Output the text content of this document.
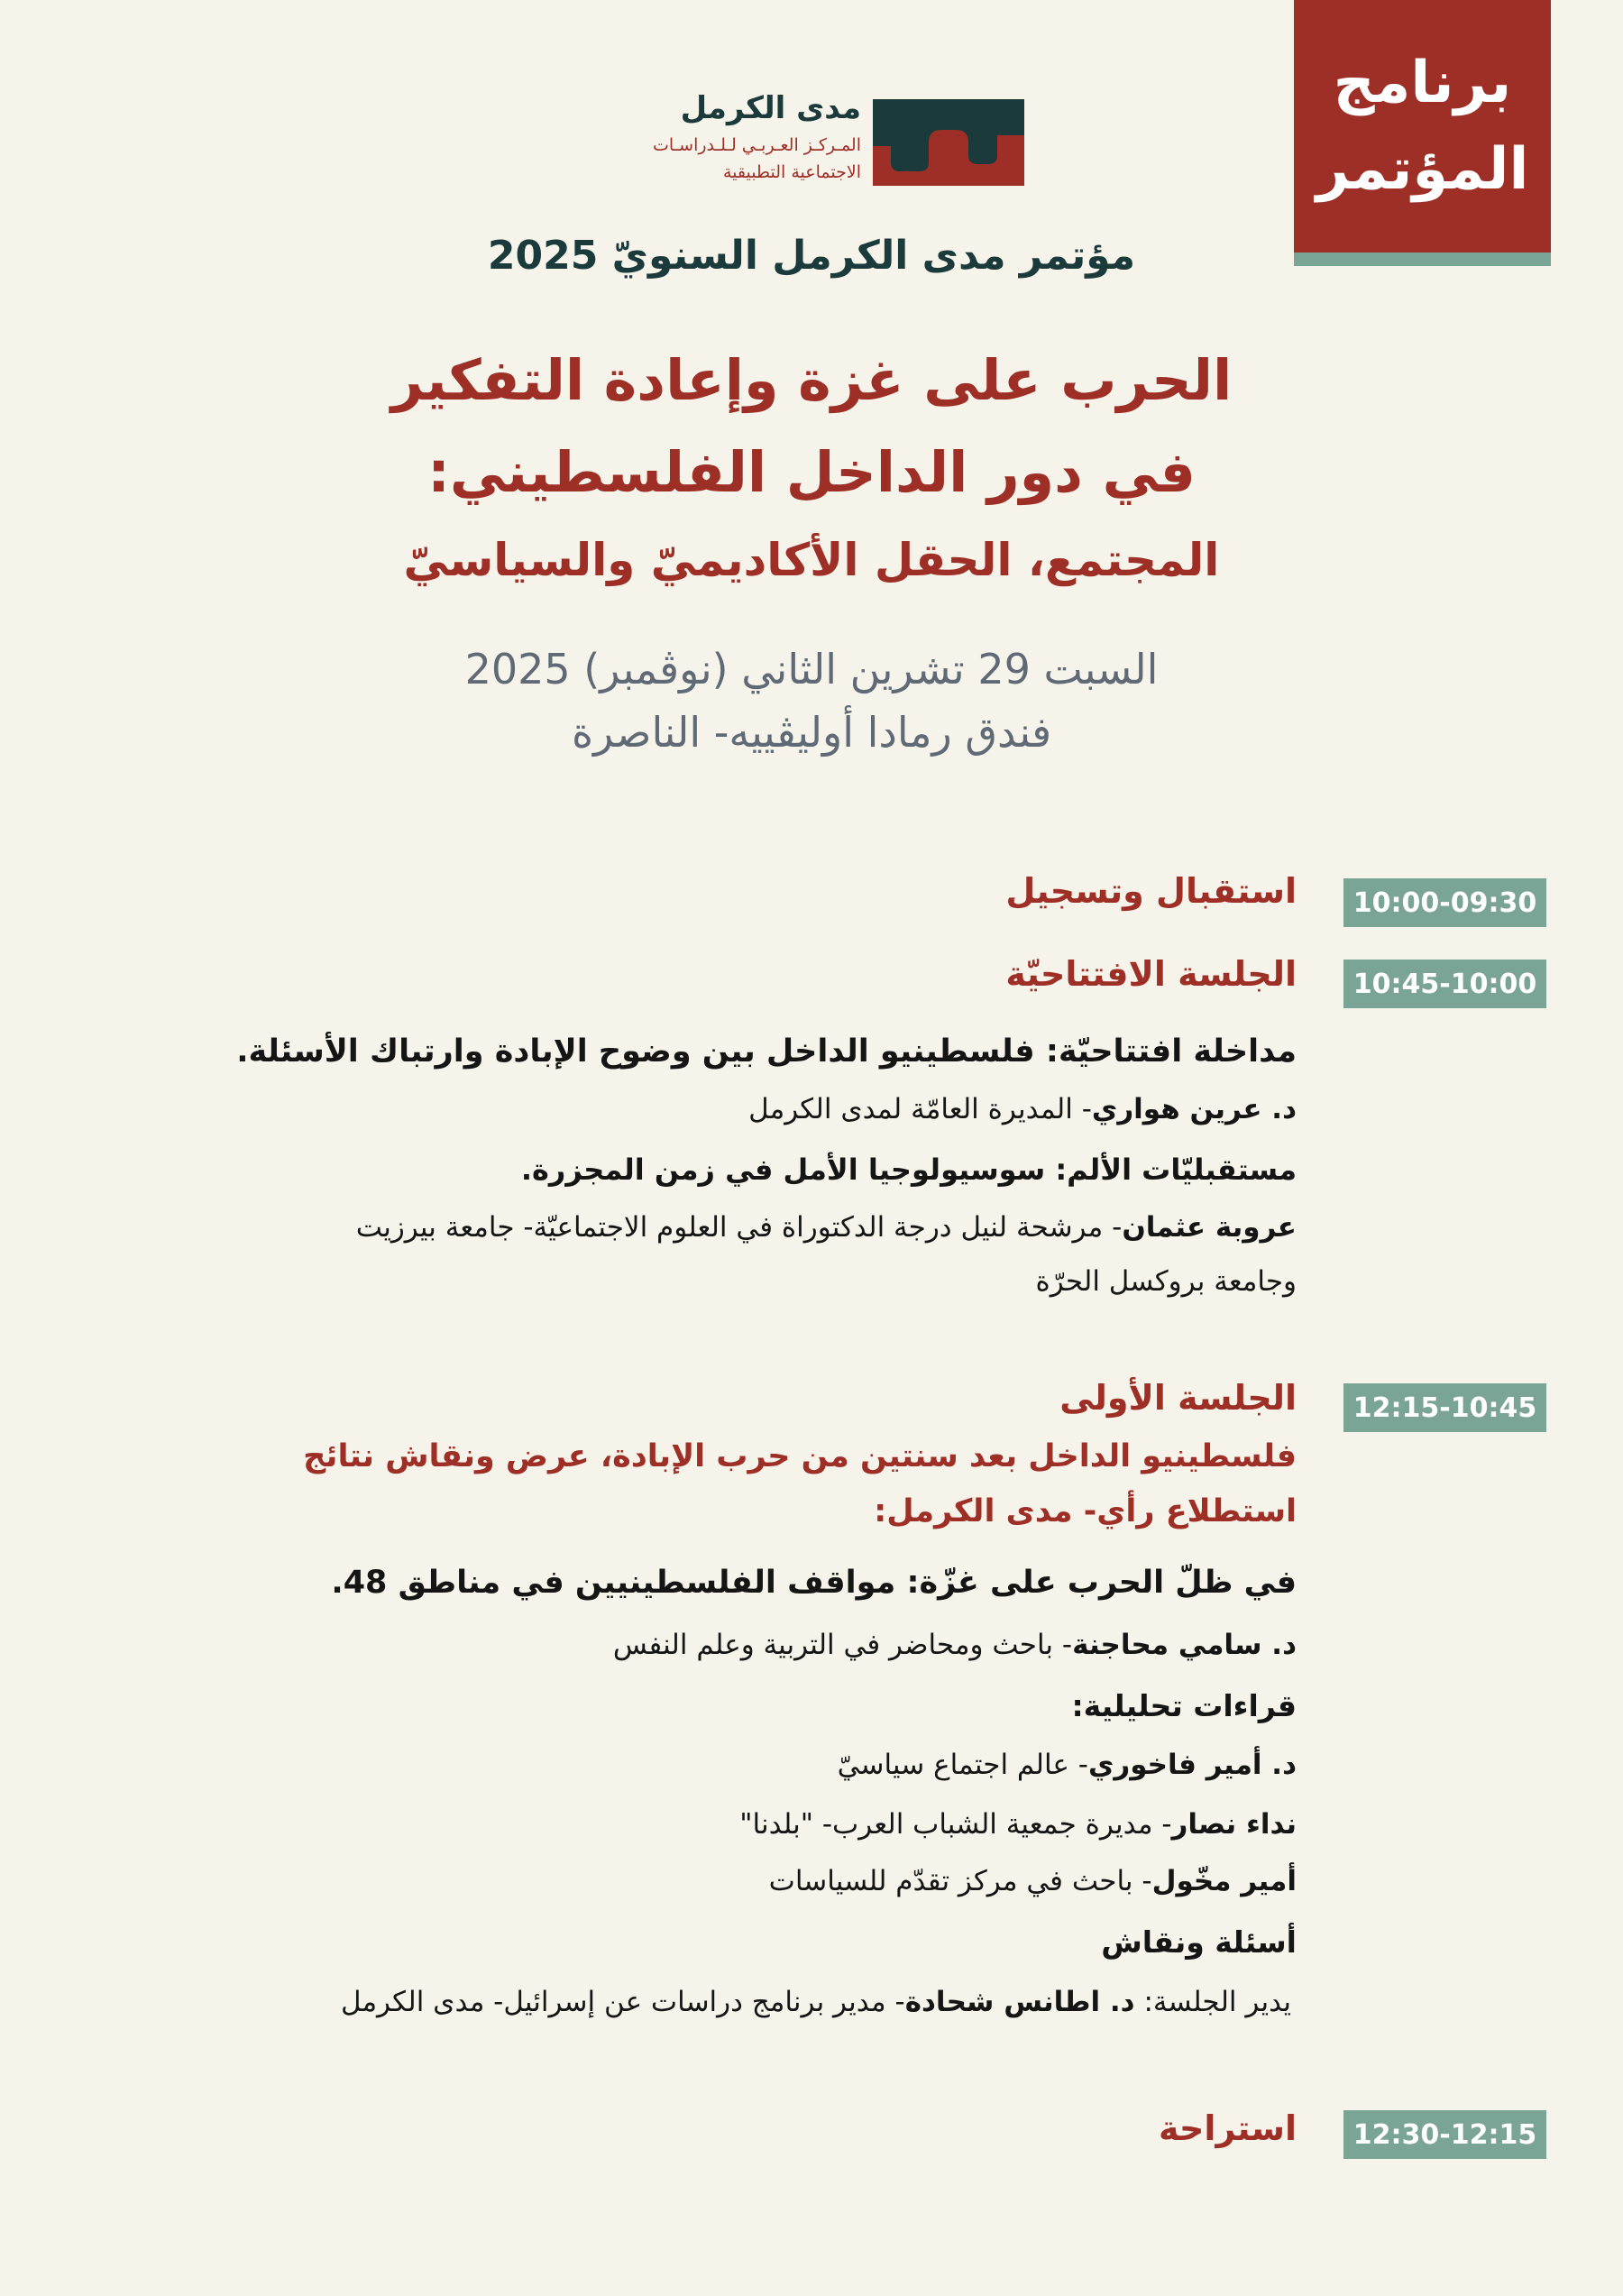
برنامج
المؤتمر
مدى الكرمل
المـركـز العـربـي لـلـدراسـات
الاجتماعية التطبيقية
مؤتمر مدى الكرمل السنويّ 2025
الحرب على غزة وإعادة التفكير
في دور الداخل الفلسطيني:
المجتمع، الحقل الأكاديميّ والسياسيّ
السبت 29 تشرين الثاني (نوڤمبر) 2025
فندق رمادا أوليڤييه- الناصرة
10:00-09:30
استقبال وتسجيل
10:45-10:00
الجلسة الافتتاحيّة
مداخلة افتتاحيّة: فلسطينيو الداخل بين وضوح الإبادة وارتباك الأسئلة.
د. عرين هواري- المديرة العامّة لمدى الكرمل
مستقبليّات الألم: سوسيولوجيا الأمل في زمن المجزرة.
عروبة عثمان- مرشحة لنيل درجة الدكتوراة في العلوم الاجتماعيّة- جامعة بيرزيت
وجامعة بروكسل الحرّة
12:15-10:45
الجلسة الأولى
فلسطينيو الداخل بعد سنتين من حرب الإبادة، عرض ونقاش نتائج
استطلاع رأي- مدى الكرمل:
في ظلّ الحرب على غزّة: مواقف الفلسطينيين في مناطق 48.
د. سامي محاجنة- باحث ومحاضر في التربية وعلم النفس
قراءات تحليلية:
د. أمير فاخوري- عالم اجتماع سياسيّ
نداء نصار- مديرة جمعية الشباب العرب- "بلدنا"
أمير مخّول- باحث في مركز تقدّم للسياسات
أسئلة ونقاش
يدير الجلسة: د. اطانس شحادة- مدير برنامج دراسات عن إسرائيل- مدى الكرمل
12:30-12:15
استراحة
